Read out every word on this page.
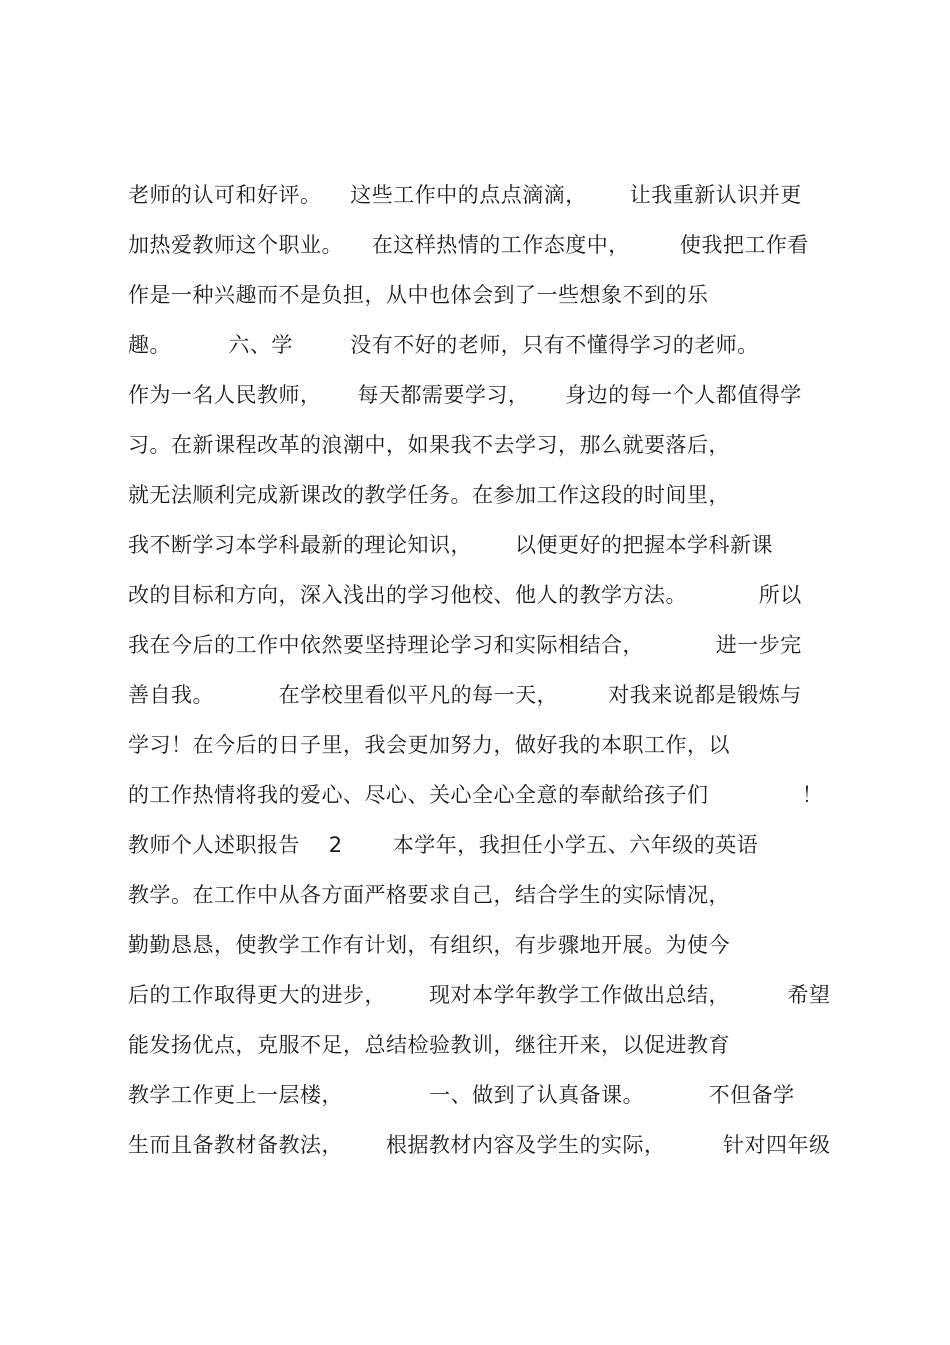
老师的认可和好评。    这些工作中的点点滴滴，      让我重新认识并更
加热爱教师这个职业。    在这样热情的工作态度中，       使我把工作看
作是一种兴趣而不是负担，从中也体会到了一些想象不到的乐
趣。        六、学        没有不好的老师，只有不懂得学习的老师。
作为一名人民教师，     每天都需要学习，     身边的每一个人都值得学
习。在新课程改革的浪潮中，如果我不去学习，那么就要落后，
就无法顺利完成新课改的教学任务。在参加工作这段的时间里，
我不断学习本学科最新的理论知识，      以便更好的把握本学科新课
改的目标和方向，深入浅出的学习他校、他人的教学方法。          所以
我在今后的工作中依然要坚持理论学习和实际相结合，          进一步完
善自我。         在学校里看似平凡的每一天，       对我来说都是锻炼与
学习！在今后的日子里，我会更加努力，做好我的本职工作，以
的工作热情将我的爱心、尽心、关心全心全意的奉献给孩子们             ！
教师个人述职报告    2       本学年，我担任小学五、六年级的英语
教学。在工作中从各方面严格要求自己，结合学生的实际情况，
勤勤恳恳，使教学工作有计划，有组织，有步骤地开展。为使今
后的工作取得更大的进步，      现对本学年教学工作做出总结，        希望
能发扬优点，克服不足，总结检验教训，继往开来，以促进教育
教学工作更上一层楼，            一、做到了认真备课。         不但备学
生而且备教材备教法，      根据教材内容及学生的实际，        针对四年级
